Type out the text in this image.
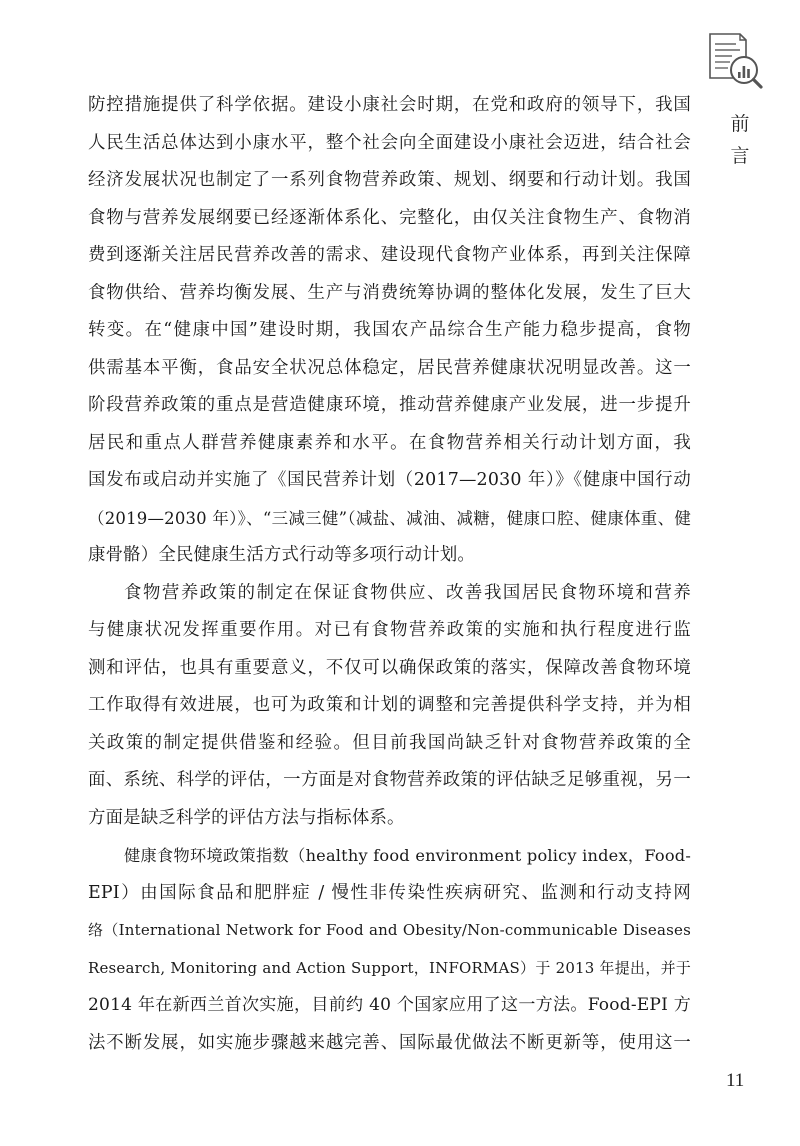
前
言
防控措施提供了科学依据。建设小康社会时期，在党和政府的领导下，我国
人民生活总体达到小康水平，整个社会向全面建设小康社会迈进，结合社会
经济发展状况也制定了一系列食物营养政策、规划、纲要和行动计划。我国
食物与营养发展纲要已经逐渐体系化、完整化，由仅关注食物生产、食物消
费到逐渐关注居民营养改善的需求、建设现代食物产业体系，再到关注保障
食物供给、营养均衡发展、生产与消费统筹协调的整体化发展，发生了巨大
转变。在“健康中国”建设时期，我国农产品综合生产能力稳步提高，食物
供需基本平衡，食品安全状况总体稳定，居民营养健康状况明显改善。这一
阶段营养政策的重点是营造健康环境，推动营养健康产业发展，进一步提升
居民和重点人群营养健康素养和水平。在食物营养相关行动计划方面，我
国发布或启动并实施了《国民营养计划（2017—2030 年）》《健康中国行动
（2019—2030 年）》、“三减三健”（减盐、减油、减糖，健康口腔、健康体重、健
康骨骼）全民健康生活方式行动等多项行动计划。
食物营养政策的制定在保证食物供应、改善我国居民食物环境和营养
与健康状况发挥重要作用。对已有食物营养政策的实施和执行程度进行监
测和评估，也具有重要意义，不仅可以确保政策的落实，保障改善食物环境
工作取得有效进展，也可为政策和计划的调整和完善提供科学支持，并为相
关政策的制定提供借鉴和经验。但目前我国尚缺乏针对食物营养政策的全
面、系统、科学的评估，一方面是对食物营养政策的评估缺乏足够重视，另一
方面是缺乏科学的评估方法与指标体系。
健康食物环境政策指数（healthy food environment policy index，Food-
EPI）由国际食品和肥胖症 / 慢性非传染性疾病研究、监测和行动支持网
络（International Network for Food and Obesity/Non-communicable Diseases
Research, Monitoring and Action Support，INFORMAS）于 2013 年提出，并于
2014 年在新西兰首次实施，目前约 40 个国家应用了这一方法。Food-EPI 方
法不断发展，如实施步骤越来越完善、国际最优做法不断更新等，使用这一
11
